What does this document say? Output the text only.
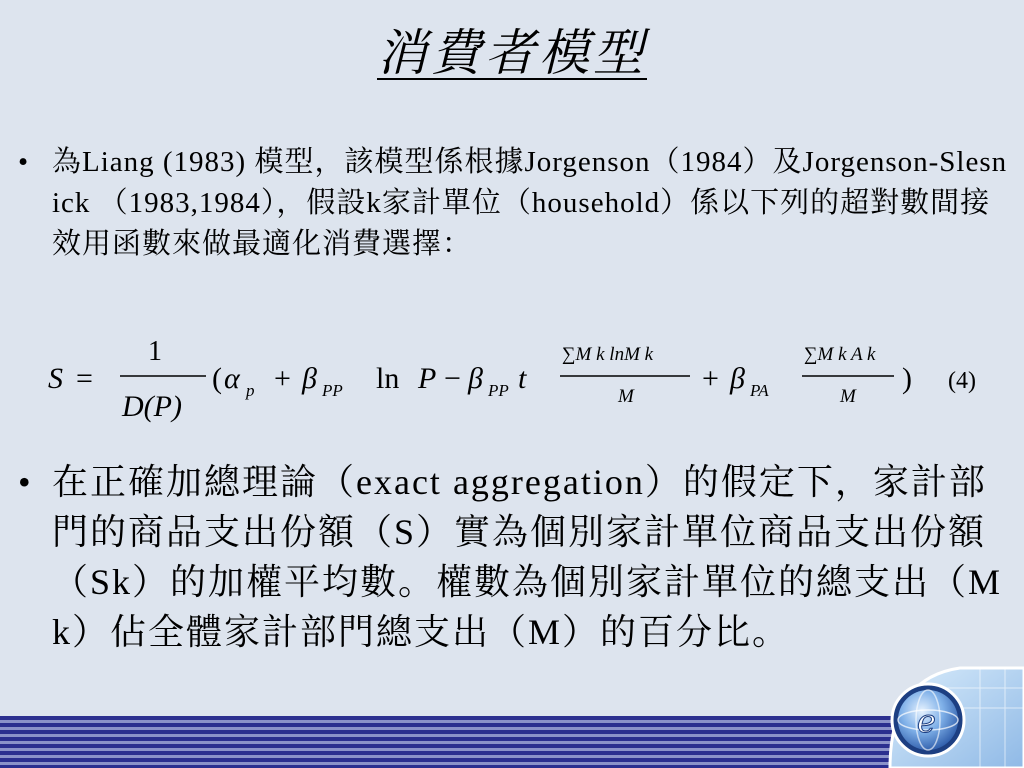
消費者模型
• 為Liang (1983) 模型，該模型係根據Jorgenson（1984）及Jorgenson-Slesnick （1983,1984），假設k家計單位（household）係以下列的超對數間接效用函數來做最適化消費選擇：
S =
1
D(P)
( α p + β PP ln P − β PP t
∑M k lnM k
M
+ β PA
∑M k A k
M
) (4)
• 在正確加總理論（exact aggregation）的假定下，家計部門的商品支出份額（S）實為個別家計單位商品支出份額（Sk）的加權平均數。權數為個別家計單位的總支出（Mk）佔全體家計部門總支出（M）的百分比。
e
